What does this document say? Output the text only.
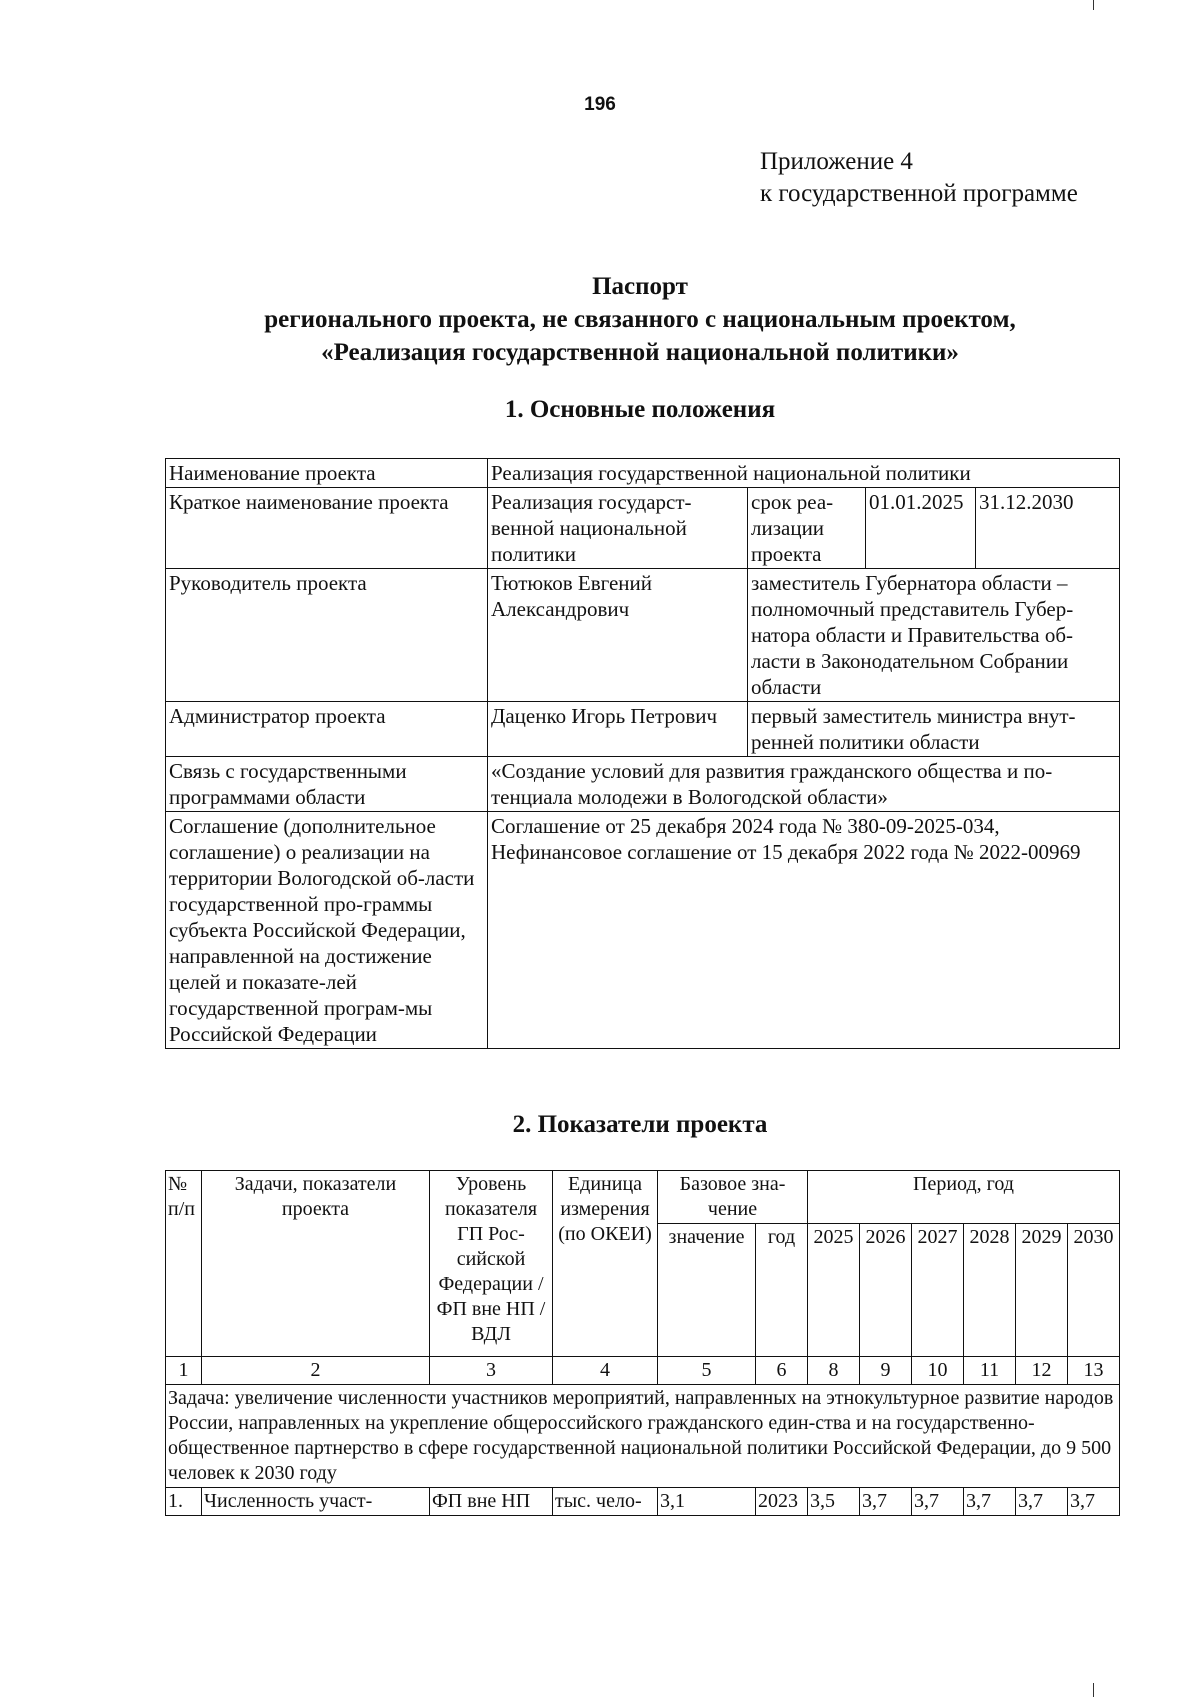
196
Приложение 4
к государственной программе
Паспорт
регионального проекта, не связанного с национальным проектом,
«Реализация государственной национальной политики»
1. Основные положения
Наименование проекта	Реализация государственной национальной политики			
Краткое наименование проекта	Реализация государст-венной национальной политики	срок реа-лизации проекта	01.01.2025	31.12.2030
Руководитель проекта	Тютюков Евгений Александрович	заместитель Губернатора области – полномочный представитель Губер-натора области и Правительства об-ласти в Законодательном Собрании области		
Администратор проекта	Даценко Игорь Петрович	первый заместитель министра внут-ренней политики области		
Связь с государственными программами области	«Создание условий для развития гражданского общества и по-тенциала молодежи в Вологодской области»			
Соглашение (дополнительное соглашение) о реализации на территории Вологодской об-ласти государственной про-граммы субъекта Российской Федерации, направленной на достижение целей и показате-лей государственной програм-мы Российской Федерации	Соглашение от 25 декабря 2024 года № 380-09-2025-034, Нефинансовое соглашение от 15 декабря 2022 года № 2022-00969			
2. Показатели проекта
№ п/п	Задачи, показатели проекта	Уровень показателя ГП Рос-сийской Федерации / ФП вне НП / ВДЛ	Единица измерения (по ОКЕИ)	Базовое зна-чение		Период, год					
				значение	год	2025	2026	2027	2028	2029	2030
1	2	3	4	5	6	8	9	10	11	12	13
Задача: увеличение численности участников мероприятий, направленных на этнокультурное развитие народов России, направленных на укрепление общероссийского гражданского един-ства и на государственно-общественное партнерство в сфере государственной национальной политики Российской Федерации, до 9 500 человек к 2030 году											
1.	Численность участ-	ФП вне НП	тыс. чело-	3,1	2023	3,5	3,7	3,7	3,7	3,7	3,7
